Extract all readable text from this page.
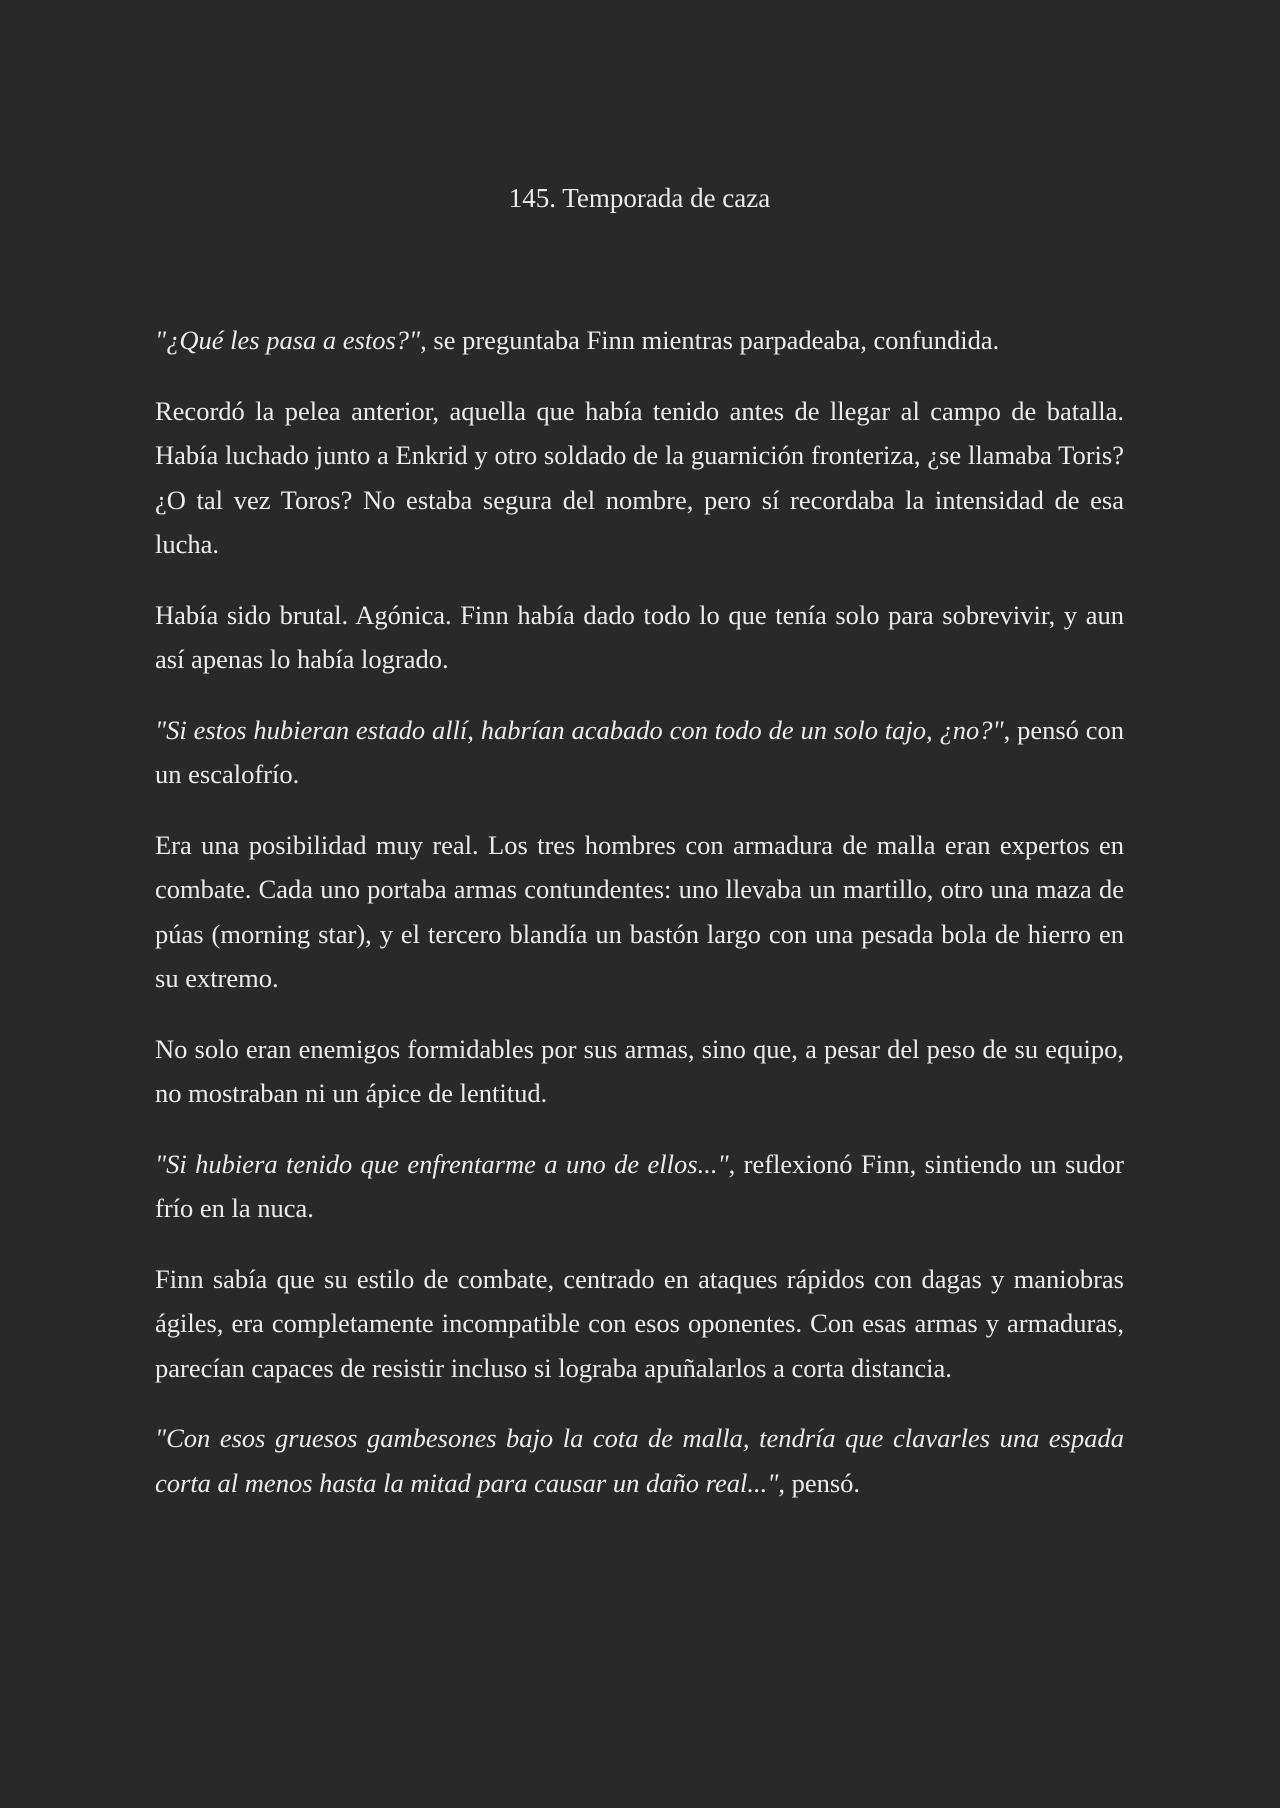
145. Temporada de caza

"¿Qué les pasa a estos?", se preguntaba Finn mientras parpadeaba, confundida.

Recordó la pelea anterior, aquella que había tenido antes de llegar al campo de batalla. Había luchado junto a Enkrid y otro soldado de la guarnición fronteriza, ¿se llamaba Toris? ¿O tal vez Toros? No estaba segura del nombre, pero sí recordaba la intensidad de esa lucha.

Había sido brutal. Agónica. Finn había dado todo lo que tenía solo para sobrevivir, y aun así apenas lo había logrado.

"Si estos hubieran estado allí, habrían acabado con todo de un solo tajo, ¿no?", pensó con un escalofrío.

Era una posibilidad muy real. Los tres hombres con armadura de malla eran expertos en combate. Cada uno portaba armas contundentes: uno llevaba un martillo, otro una maza de púas (morning star), y el tercero blandía un bastón largo con una pesada bola de hierro en su extremo.

No solo eran enemigos formidables por sus armas, sino que, a pesar del peso de su equipo, no mostraban ni un ápice de lentitud.

"Si hubiera tenido que enfrentarme a uno de ellos...", reflexionó Finn, sintiendo un sudor frío en la nuca.

Finn sabía que su estilo de combate, centrado en ataques rápidos con dagas y maniobras ágiles, era completamente incompatible con esos oponentes. Con esas armas y armaduras, parecían capaces de resistir incluso si lograba apuñalarlos a corta distancia.

"Con esos gruesos gambesones bajo la cota de malla, tendría que clavarles una espada corta al menos hasta la mitad para causar un daño real...", pensó.
